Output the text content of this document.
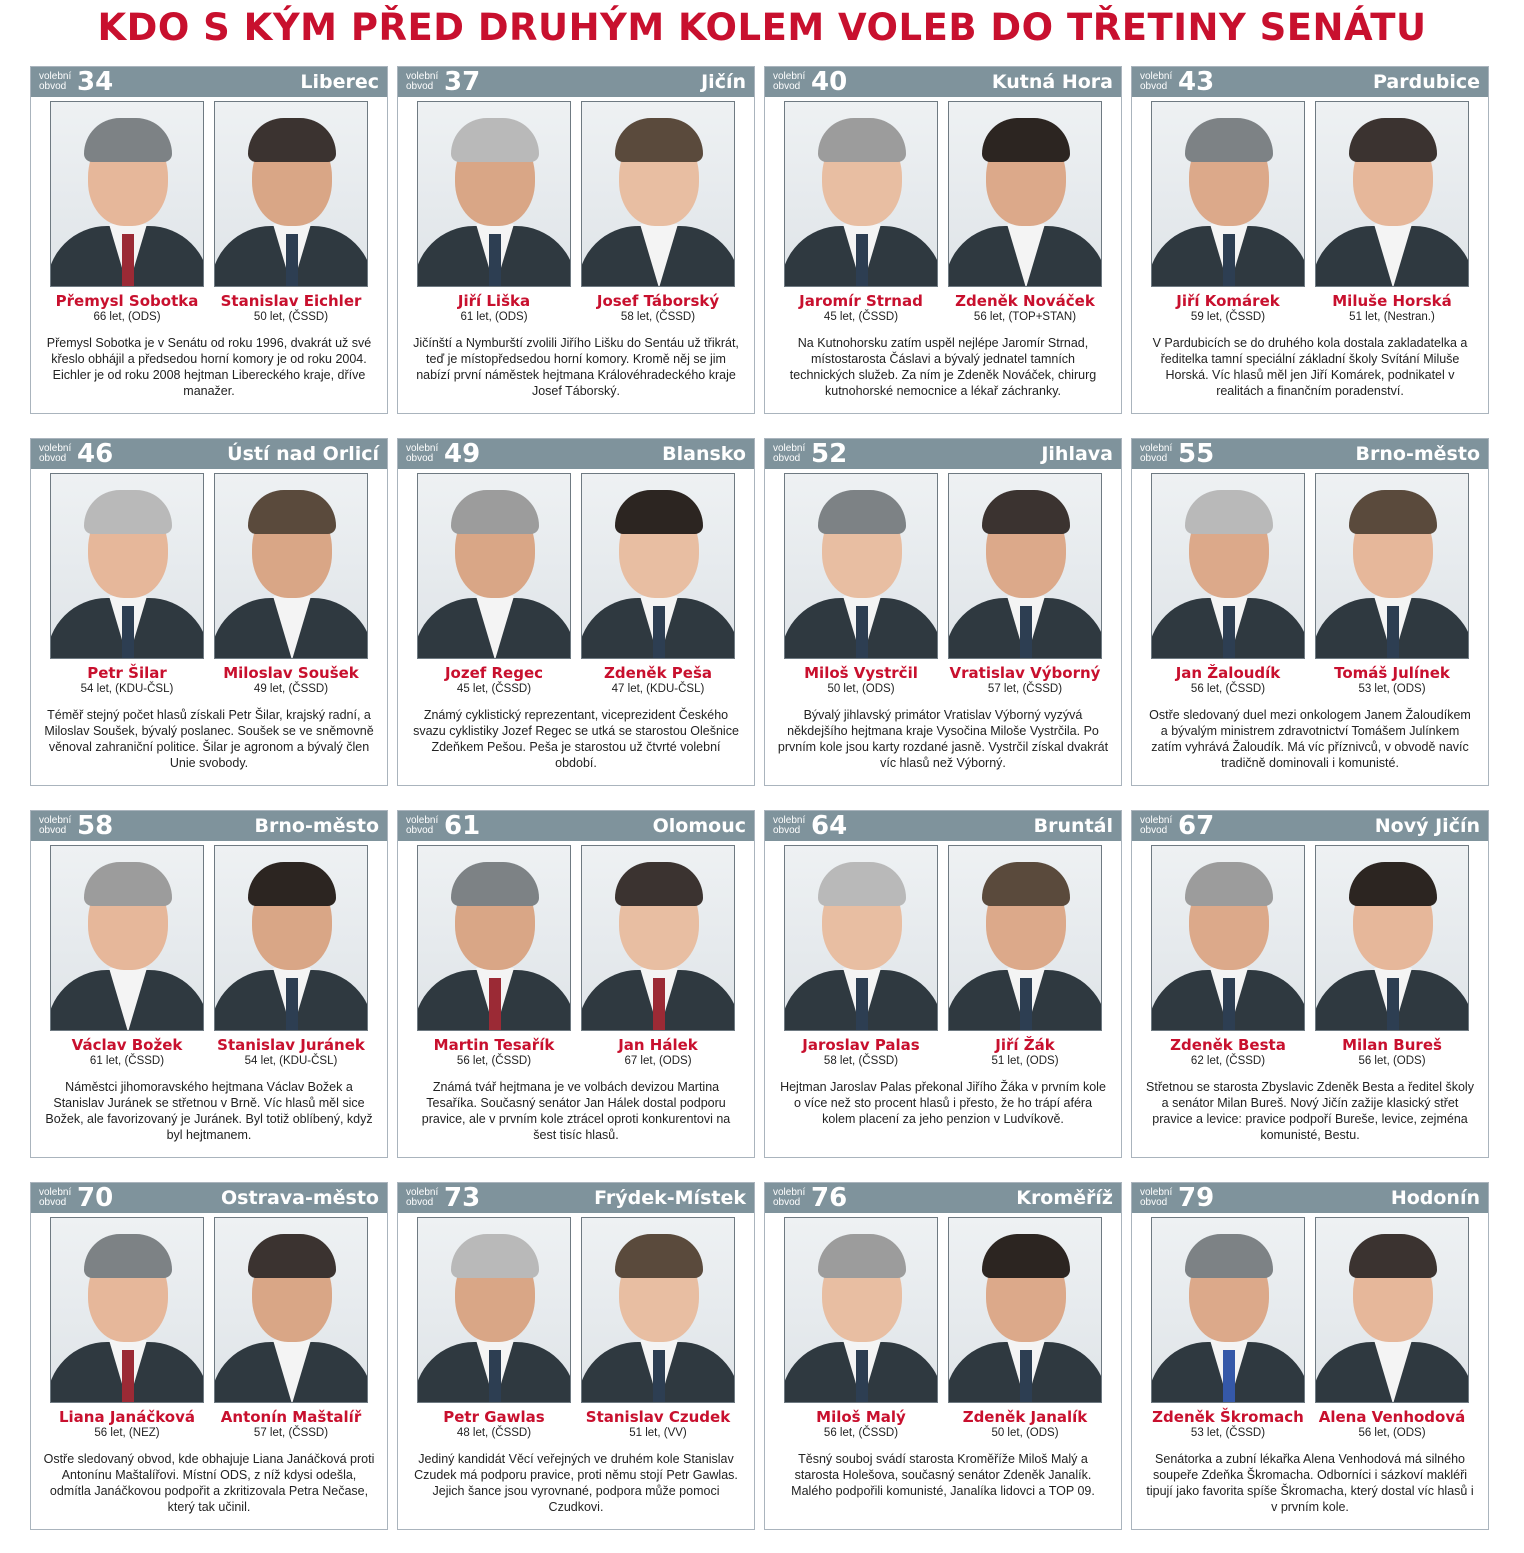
KDO S KÝM PŘED DRUHÝM KOLEM VOLEB DO TŘETINY SENÁTU
volební obvod 34	Liberec
Přemysl Sobotka
66 let, (ODS)
Stanislav Eichler
50 let, (ČSSD)
Přemysl Sobotka je v Senátu od roku 1996, dvakrát už své křeslo obhájil a předsedou horní komory je od roku 2004. Eichler je od roku 2008 hejtman Libereckého kraje, dříve manažer.
volební obvod 37	Jičín
Jiří Liška
61 let, (ODS)
Josef Táborský
58 let, (ČSSD)
Jičínští a Nymburští zvolili Jiřího Lišku do Sentáu už třikrát, teď je místopředsedou horní komory. Kromě něj se jim nabízí první náměstek hejtmana Královéhradeckého kraje Josef Táborský.
volební obvod 40	Kutná Hora
Jaromír Strnad
45 let, (ČSSD)
Zdeněk Nováček
56 let, (TOP+STAN)
Na Kutnohorsku zatím uspěl nejlépe Jaromír Strnad, místostarosta Čáslavi a bývalý jednatel tamních technických služeb. Za ním je Zdeněk Nováček, chirurg kutnohorské nemocnice a lékař záchranky.
volební obvod 43	Pardubice
Jiří Komárek
59 let, (ČSSD)
Miluše Horská
51 let, (Nestran.)
V Pardubicích se do druhého kola dostala zakladatelka a ředitelka tamní speciální základní školy Svítání Miluše Horská. Víc hlasů měl jen Jiří Komárek, podnikatel v realitách a finančním poradenství.
volební obvod 46	Ústí nad Orlicí
Petr Šilar
54 let, (KDU-ČSL)
Miloslav Soušek
49 let, (ČSSD)
Téměř stejný počet hlasů získali Petr Šilar, krajský radní, a Miloslav Soušek, bývalý poslanec. Soušek se ve sněmovně věnoval zahraniční politice. Šilar je agronom a bývalý člen Unie svobody.
volební obvod 49	Blansko
Jozef Regec
45 let, (ČSSD)
Zdeněk Peša
47 let, (KDU-ČSL)
Známý cyklistický reprezentant, viceprezident Českého svazu cyklistiky Jozef Regec se utká se starostou Olešnice Zdeňkem Pešou. Peša je starostou už čtvrté volební období.
volební obvod 52	Jihlava
Miloš Vystrčil
50 let, (ODS)
Vratislav Výborný
57 let, (ČSSD)
Bývalý jihlavský primátor Vratislav Výborný vyzývá někdejšího hejtmana kraje Vysočina Miloše Vystrčila. Po prvním kole jsou karty rozdané jasně. Vystrčil získal dvakrát víc hlasů než Výborný.
volební obvod 55	Brno-město
Jan Žaloudík
56 let, (ČSSD)
Tomáš Julínek
53 let, (ODS)
Ostře sledovaný duel mezi onkologem Janem Žaloudíkem a bývalým ministrem zdravotnictví Tomášem Julínkem zatím vyhrává Žaloudík. Má víc příznivců, v obvodě navíc tradičně dominovali i komunisté.
volební obvod 58	Brno-město
Václav Božek
61 let, (ČSSD)
Stanislav Juránek
54 let, (KDU-ČSL)
Náměstci jihomoravského hejtmana Václav Božek a Stanislav Juránek se střetnou v Brně. Víc hlasů měl sice Božek, ale favorizovaný je Juránek. Byl totiž oblíbený, když byl hejtmanem.
volební obvod 61	Olomouc
Martin Tesařík
56 let, (ČSSD)
Jan Hálek
67 let, (ODS)
Známá tvář hejtmana je ve volbách devizou Martina Tesaříka. Současný senátor Jan Hálek dostal podporu pravice, ale v prvním kole ztrácel oproti konkurentovi na šest tisíc hlasů.
volební obvod 64	Bruntál
Jaroslav Palas
58 let, (ČSSD)
Jiří Žák
51 let, (ODS)
Hejtman Jaroslav Palas překonal Jiřího Žáka v prvním kole o více než sto procent hlasů i přesto, že ho trápí aféra kolem placení za jeho penzion v Ludvíkově.
volební obvod 67	Nový Jičín
Zdeněk Besta
62 let, (ČSSD)
Milan Bureš
56 let, (ODS)
Střetnou se starosta Zbyslavic Zdeněk Besta a ředitel školy a senátor Milan Bureš. Nový Jičín zažije klasický střet pravice a levice: pravice podpoří Bureše, levice, zejména komunisté, Bestu.
volební obvod 70	Ostrava-město
Liana Janáčková
56 let, (NEZ)
Antonín Maštalíř
57 let, (ČSSD)
Ostře sledovaný obvod, kde obhajuje Liana Janáčková proti Antonínu Maštalířovi. Místní ODS, z níž kdysi odešla, odmítla Janáčkovou podpořit a zkritizovala Petra Nečase, který tak učinil.
volební obvod 73	Frýdek-Místek
Petr Gawlas
48 let, (ČSSD)
Stanislav Czudek
51 let, (VV)
Jediný kandidát Věcí veřejných ve druhém kole Stanislav Czudek má podporu pravice, proti němu stojí Petr Gawlas. Jejich šance jsou vyrovnané, podpora může pomoci Czudkovi.
volební obvod 76	Kroměříž
Miloš Malý
56 let, (ČSSD)
Zdeněk Janalík
50 let, (ODS)
Těsný souboj svádí starosta Kroměříže Miloš Malý a starosta Holešova, současný senátor Zdeněk Janalík. Malého podpořili komunisté, Janalíka lidovci a TOP 09.
volební obvod 79	Hodonín
Zdeněk Škromach
53 let, (ČSSD)
Alena Venhodová
56 let, (ODS)
Senátorka a zubní lékařka Alena Venhodová má silného soupeře Zdeňka Škromacha. Odborníci i sázkoví makléři tipují jako favorita spíše Škromacha, který dostal víc hlasů i v prvním kole.
